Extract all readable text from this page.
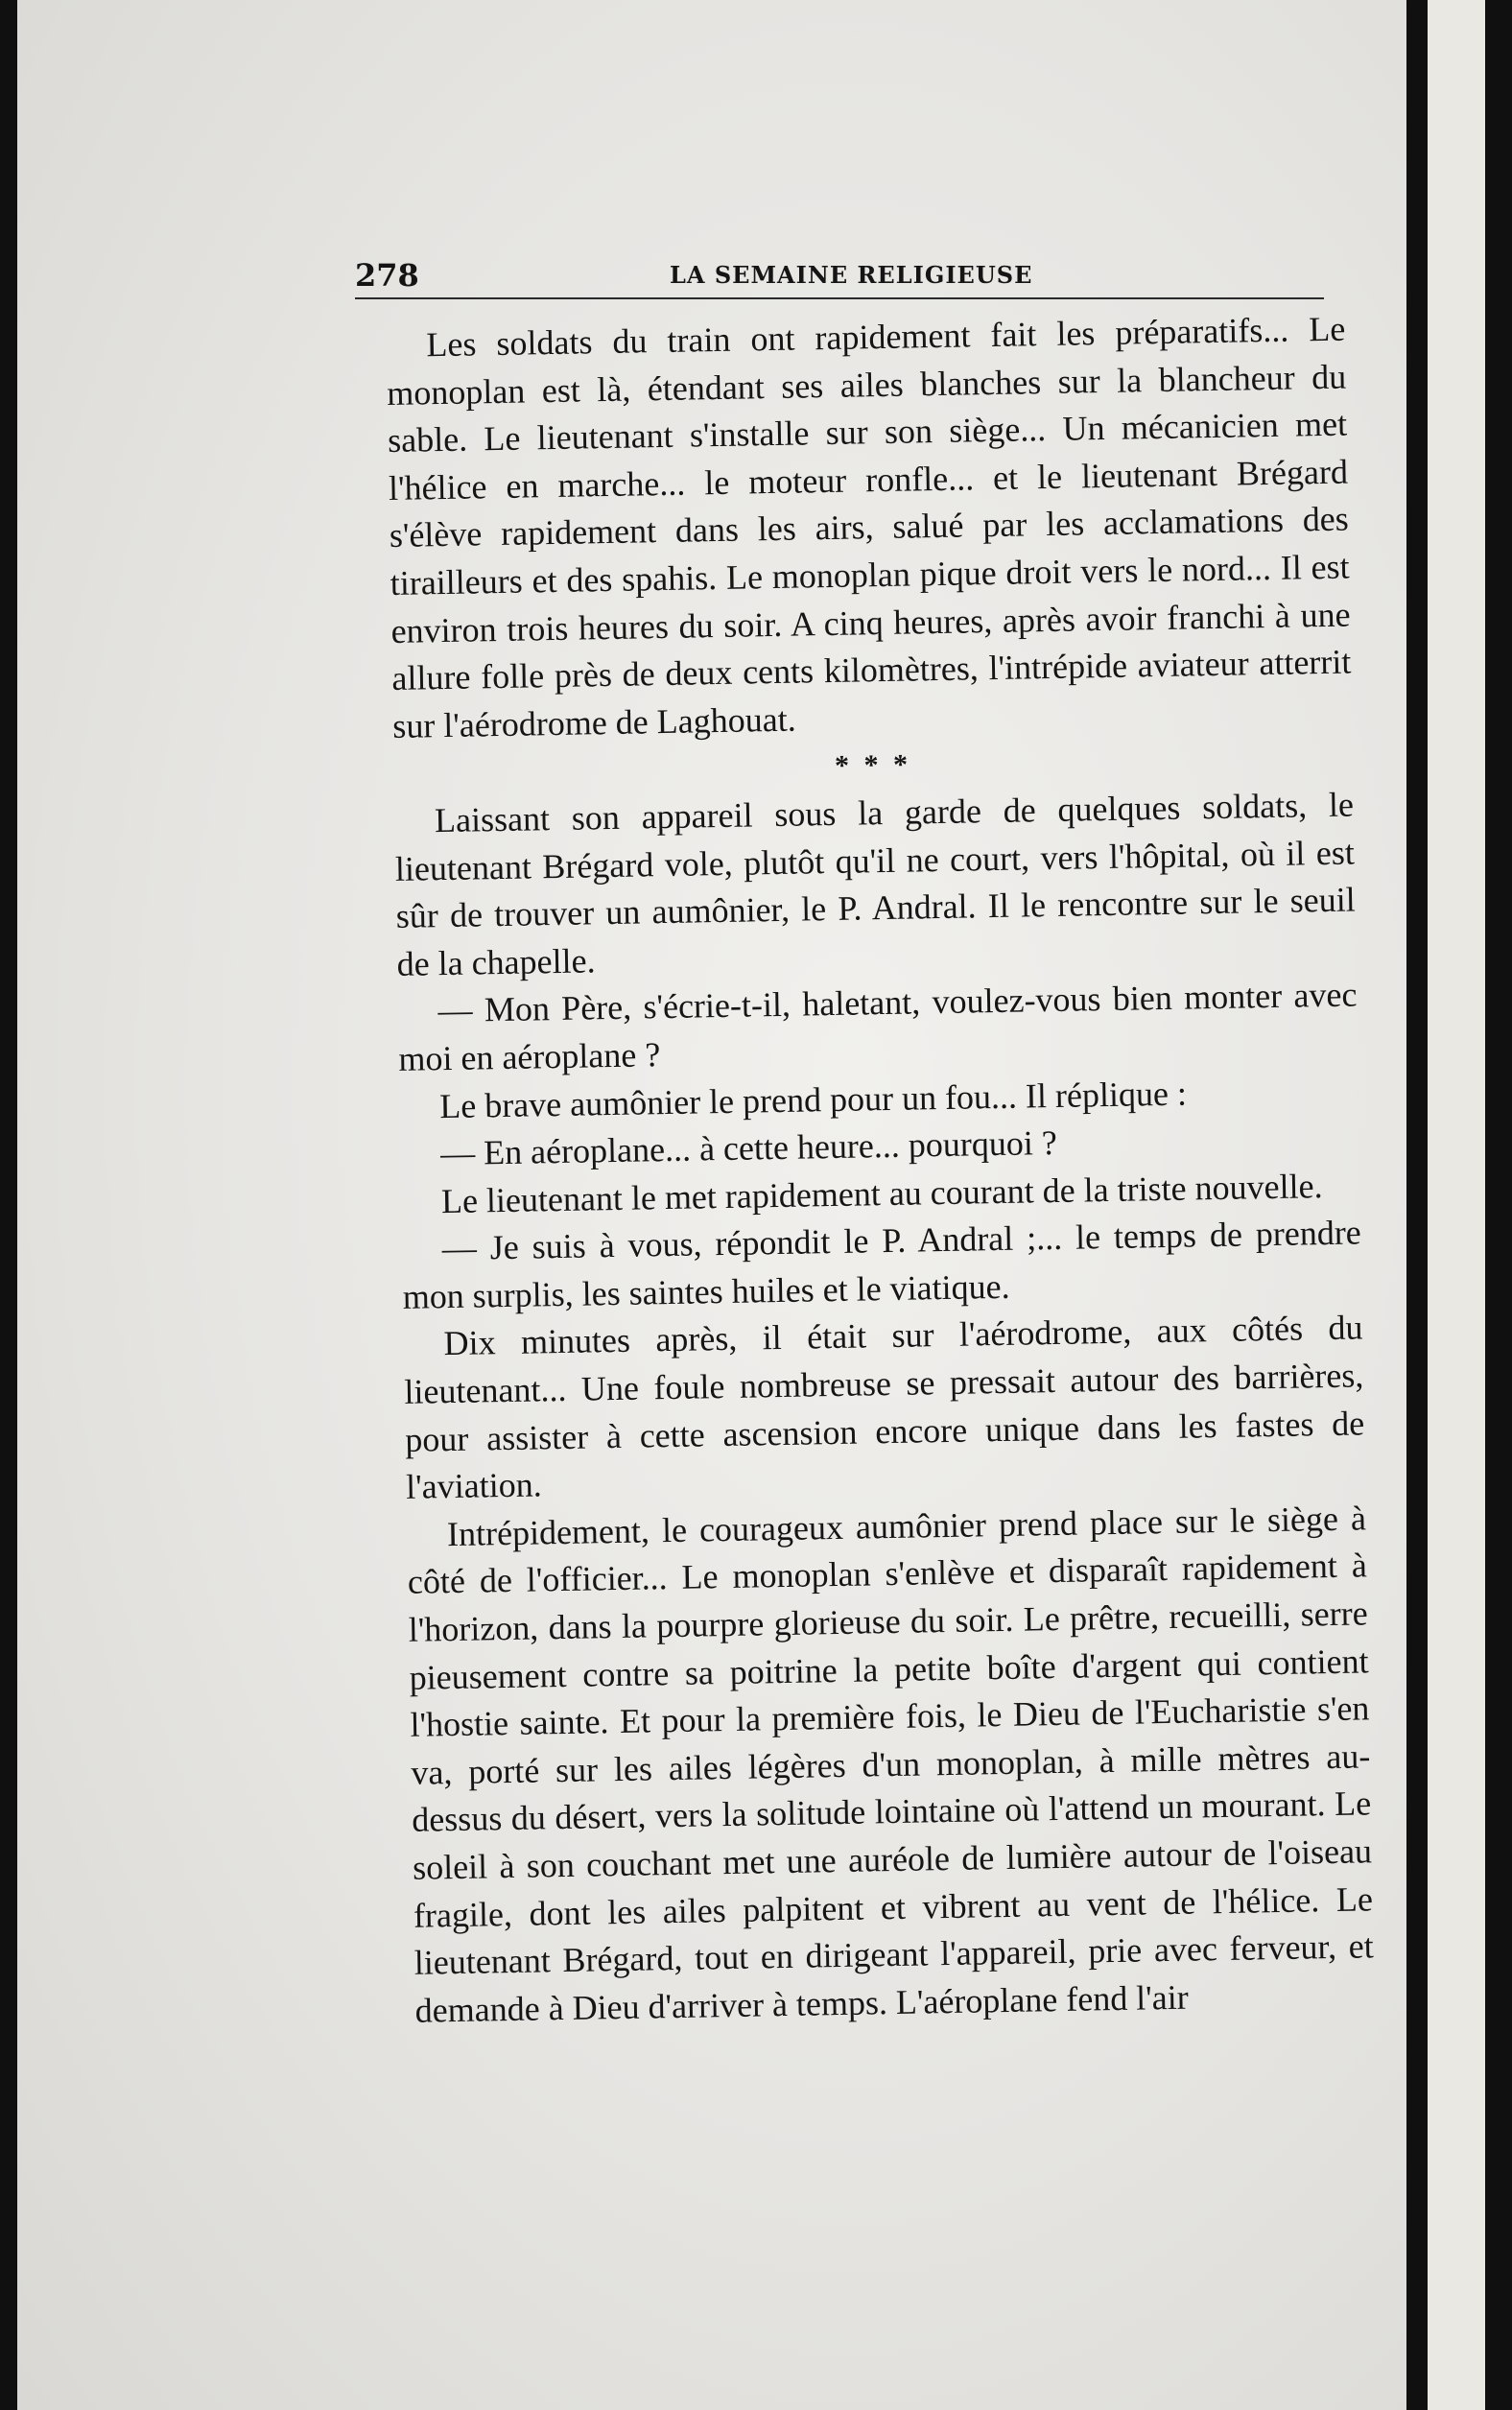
278	LA SEMAINE RELIGIEUSE

Les soldats du train ont rapidement fait les préparatifs... Le monoplan est là, étendant ses ailes blanches sur la blancheur du sable. Le lieutenant s'installe sur son siège... Un mécanicien met l'hélice en marche... le moteur ronfle... et le lieutenant Brégard s'élève rapidement dans les airs, salué par les acclamations des tirailleurs et des spahis. Le monoplan pique droit vers le nord... Il est environ trois heures du soir. A cinq heures, après avoir franchi à une allure folle près de deux cents kilomètres, l'intrépide aviateur atterrit sur l'aérodrome de Laghouat.

* * *

Laissant son appareil sous la garde de quelques soldats, le lieutenant Brégard vole, plutôt qu'il ne court, vers l'hôpital, où il est sûr de trouver un aumônier, le P. Andral. Il le rencontre sur le seuil de la chapelle.

— Mon Père, s'écrie-t-il, haletant, voulez-vous bien monter avec moi en aéroplane ?

Le brave aumônier le prend pour un fou... Il réplique :

— En aéroplane... à cette heure... pourquoi ?

Le lieutenant le met rapidement au courant de la triste nouvelle.

— Je suis à vous, répondit le P. Andral ;... le temps de prendre mon surplis, les saintes huiles et le viatique.

Dix minutes après, il était sur l'aérodrome, aux côtés du lieutenant... Une foule nombreuse se pressait autour des barrières, pour assister à cette ascension encore unique dans les fastes de l'aviation.

Intrépidement, le courageux aumônier prend place sur le siège à côté de l'officier... Le monoplan s'enlève et disparaît rapidement à l'horizon, dans la pourpre glorieuse du soir. Le prêtre, recueilli, serre pieusement contre sa poitrine la petite boîte d'argent qui contient l'hostie sainte. Et pour la première fois, le Dieu de l'Eucharistie s'en va, porté sur les ailes légères d'un monoplan, à mille mètres au-dessus du désert, vers la solitude lointaine où l'attend un mourant. Le soleil à son couchant met une auréole de lumière autour de l'oiseau fragile, dont les ailes palpitent et vibrent au vent de l'hélice. Le lieutenant Brégard, tout en dirigeant l'appareil, prie avec ferveur, et demande à Dieu d'arriver à temps. L'aéroplane fend l'air
